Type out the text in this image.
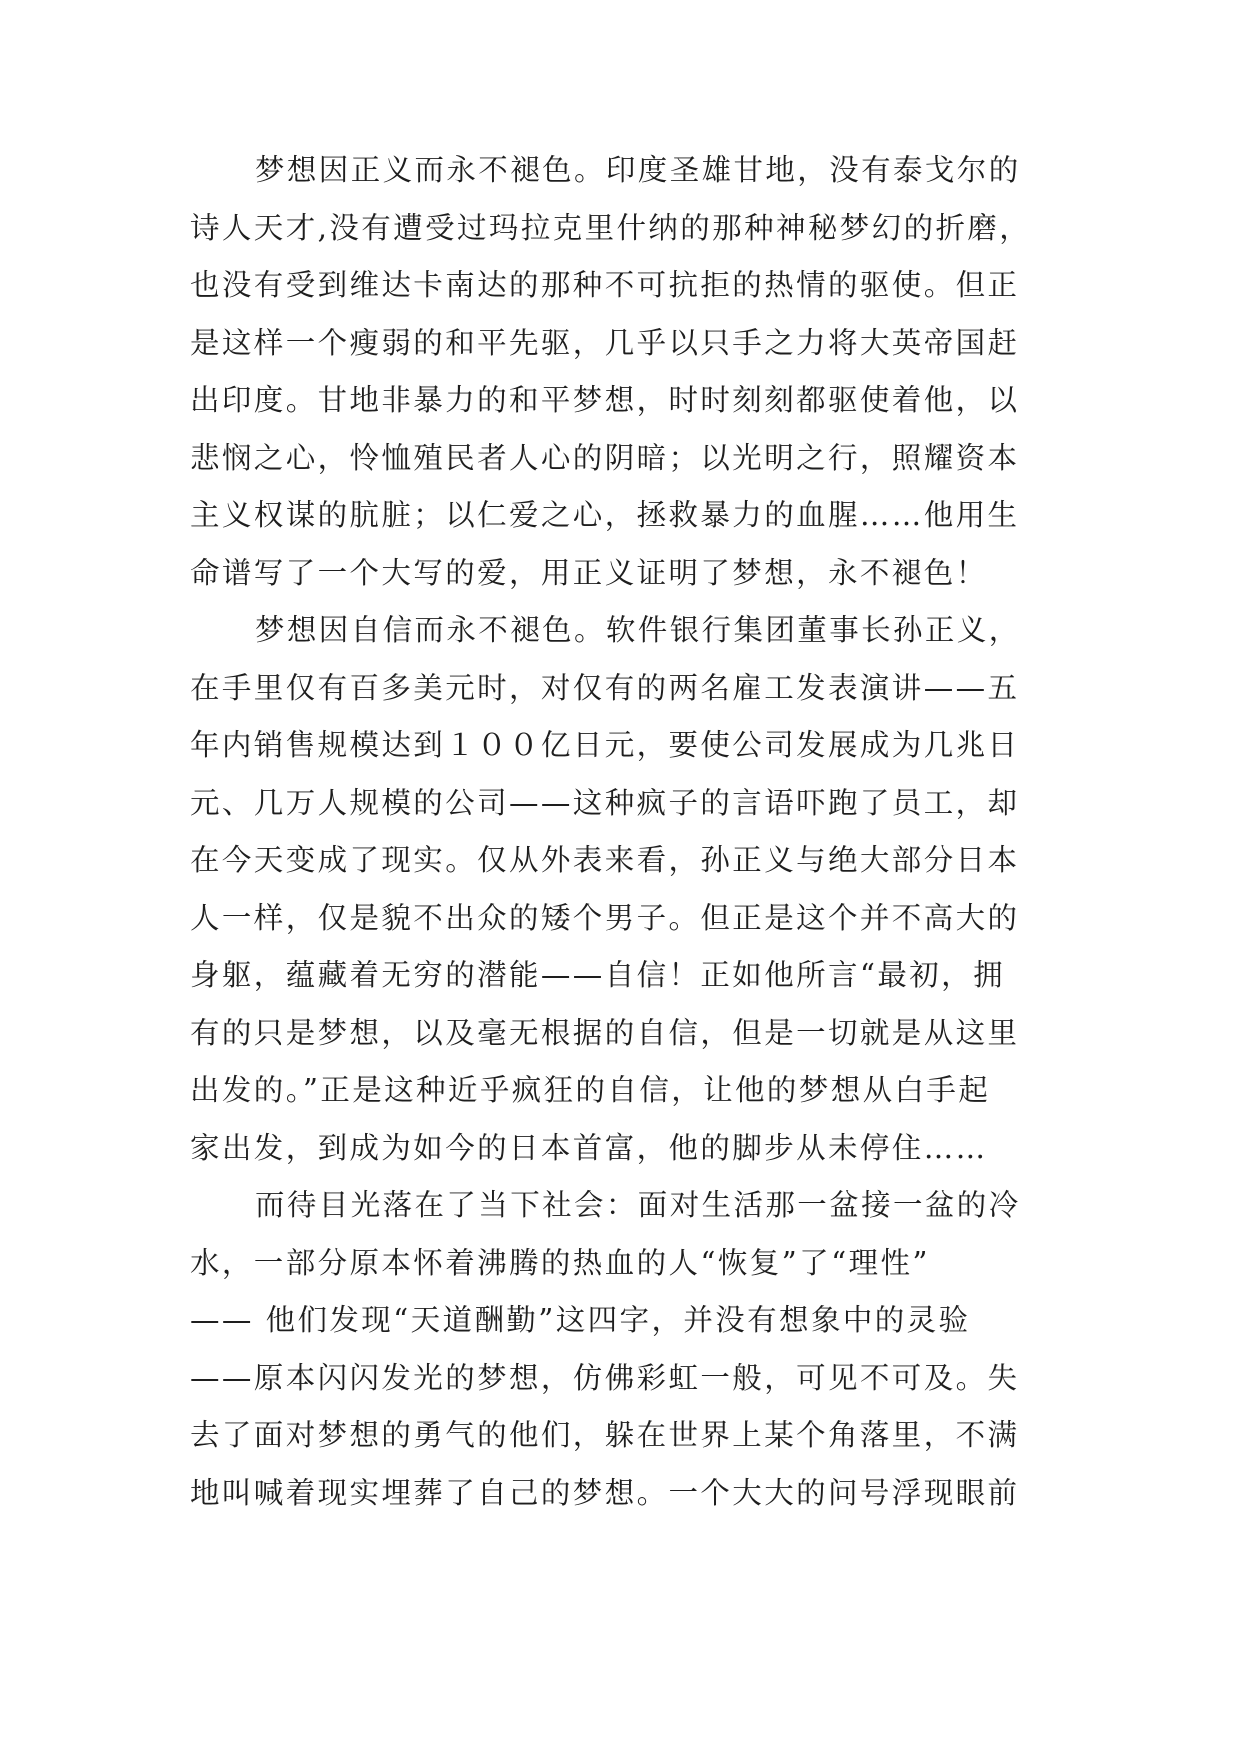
梦想因正义而永不褪色。印度圣雄甘地，没有泰戈尔的
诗人天才,没有遭受过玛拉克里什纳的那种神秘梦幻的折磨，
也没有受到维达卡南达的那种不可抗拒的热情的驱使。但正
是这样一个瘦弱的和平先驱，几乎以只手之力将大英帝国赶
出印度。甘地非暴力的和平梦想，时时刻刻都驱使着他，以
悲悯之心，怜恤殖民者人心的阴暗；以光明之行，照耀资本
主义权谋的肮脏；以仁爱之心，拯救暴力的血腥……他用生
命谱写了一个大写的爱，用正义证明了梦想，永不褪色！
梦想因自信而永不褪色。软件银行集团董事长孙正义，
在手里仅有百多美元时，对仅有的两名雇工发表演讲——五
年内销售规模达到１００亿日元，要使公司发展成为几兆日
元、几万人规模的公司——这种疯子的言语吓跑了员工，却
在今天变成了现实。仅从外表来看，孙正义与绝大部分日本
人一样，仅是貌不出众的矮个男子。但正是这个并不高大的
身躯，蕴藏着无穷的潜能——自信！正如他所言“最初，拥
有的只是梦想，以及毫无根据的自信，但是一切就是从这里
出发的。”正是这种近乎疯狂的自信，让他的梦想从白手起
家出发，到成为如今的日本首富，他的脚步从未停住……
而待目光落在了当下社会：面对生活那一盆接一盆的冷
水，一部分原本怀着沸腾的热血的人“恢复”了“理性”
—— 他们发现“天道酬勤”这四字，并没有想象中的灵验
——原本闪闪发光的梦想，仿佛彩虹一般，可见不可及。失
去了面对梦想的勇气的他们，躲在世界上某个角落里，不满
地叫喊着现实埋葬了自己的梦想。一个大大的问号浮现眼前
